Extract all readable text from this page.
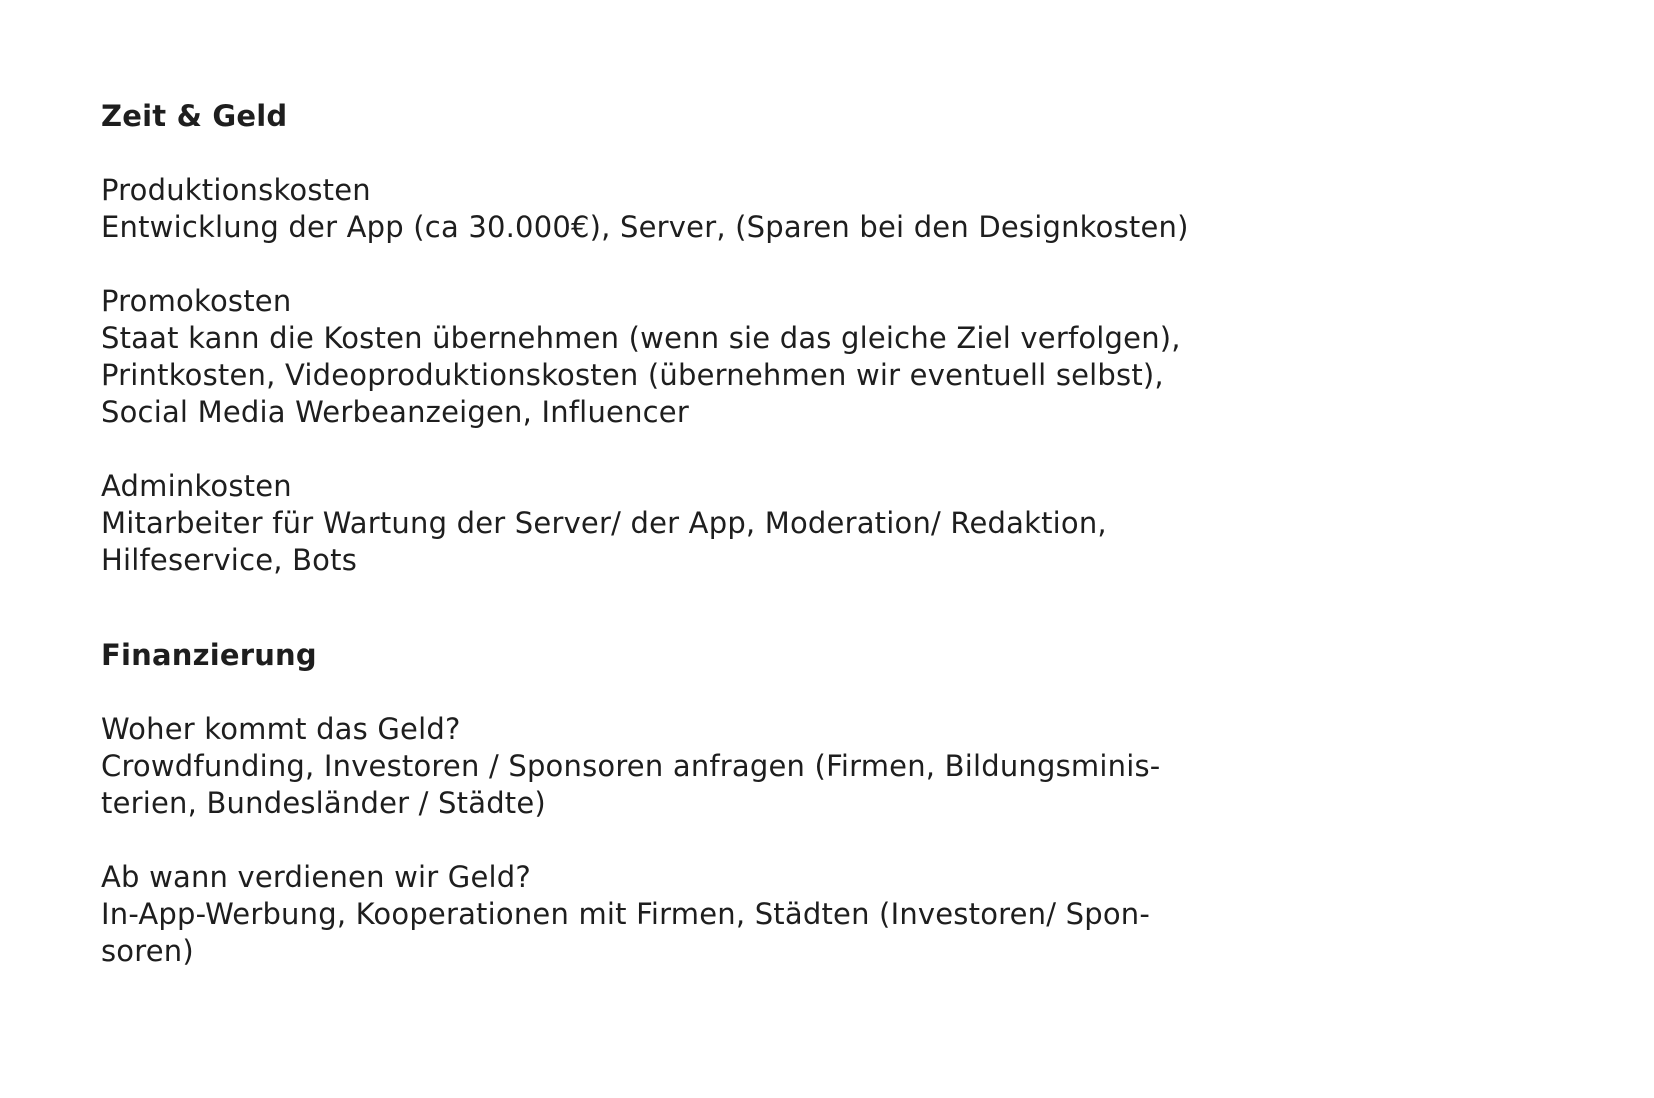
Zeit & Geld

Produktionskosten

Entwicklung der App (ca 30.000€), Server, (Sparen bei den Designkosten)

Promokosten

Staat kann die Kosten übernehmen (wenn sie das gleiche Ziel verfolgen),

Printkosten, Videoproduktionskosten (übernehmen wir eventuell selbst),

Social Media Werbeanzeigen, Influencer

Adminkosten

Mitarbeiter für Wartung der Server/ der App, Moderation/ Redaktion,

Hilfeservice, Bots

Finanzierung

Woher kommt das Geld?

Crowdfunding, Investoren / Sponsoren anfragen (Firmen, Bildungsminis-

terien, Bundesländer / Städte)

Ab wann verdienen wir Geld?

In-App-Werbung, Kooperationen mit Firmen, Städten (Investoren/ Spon-

soren)
